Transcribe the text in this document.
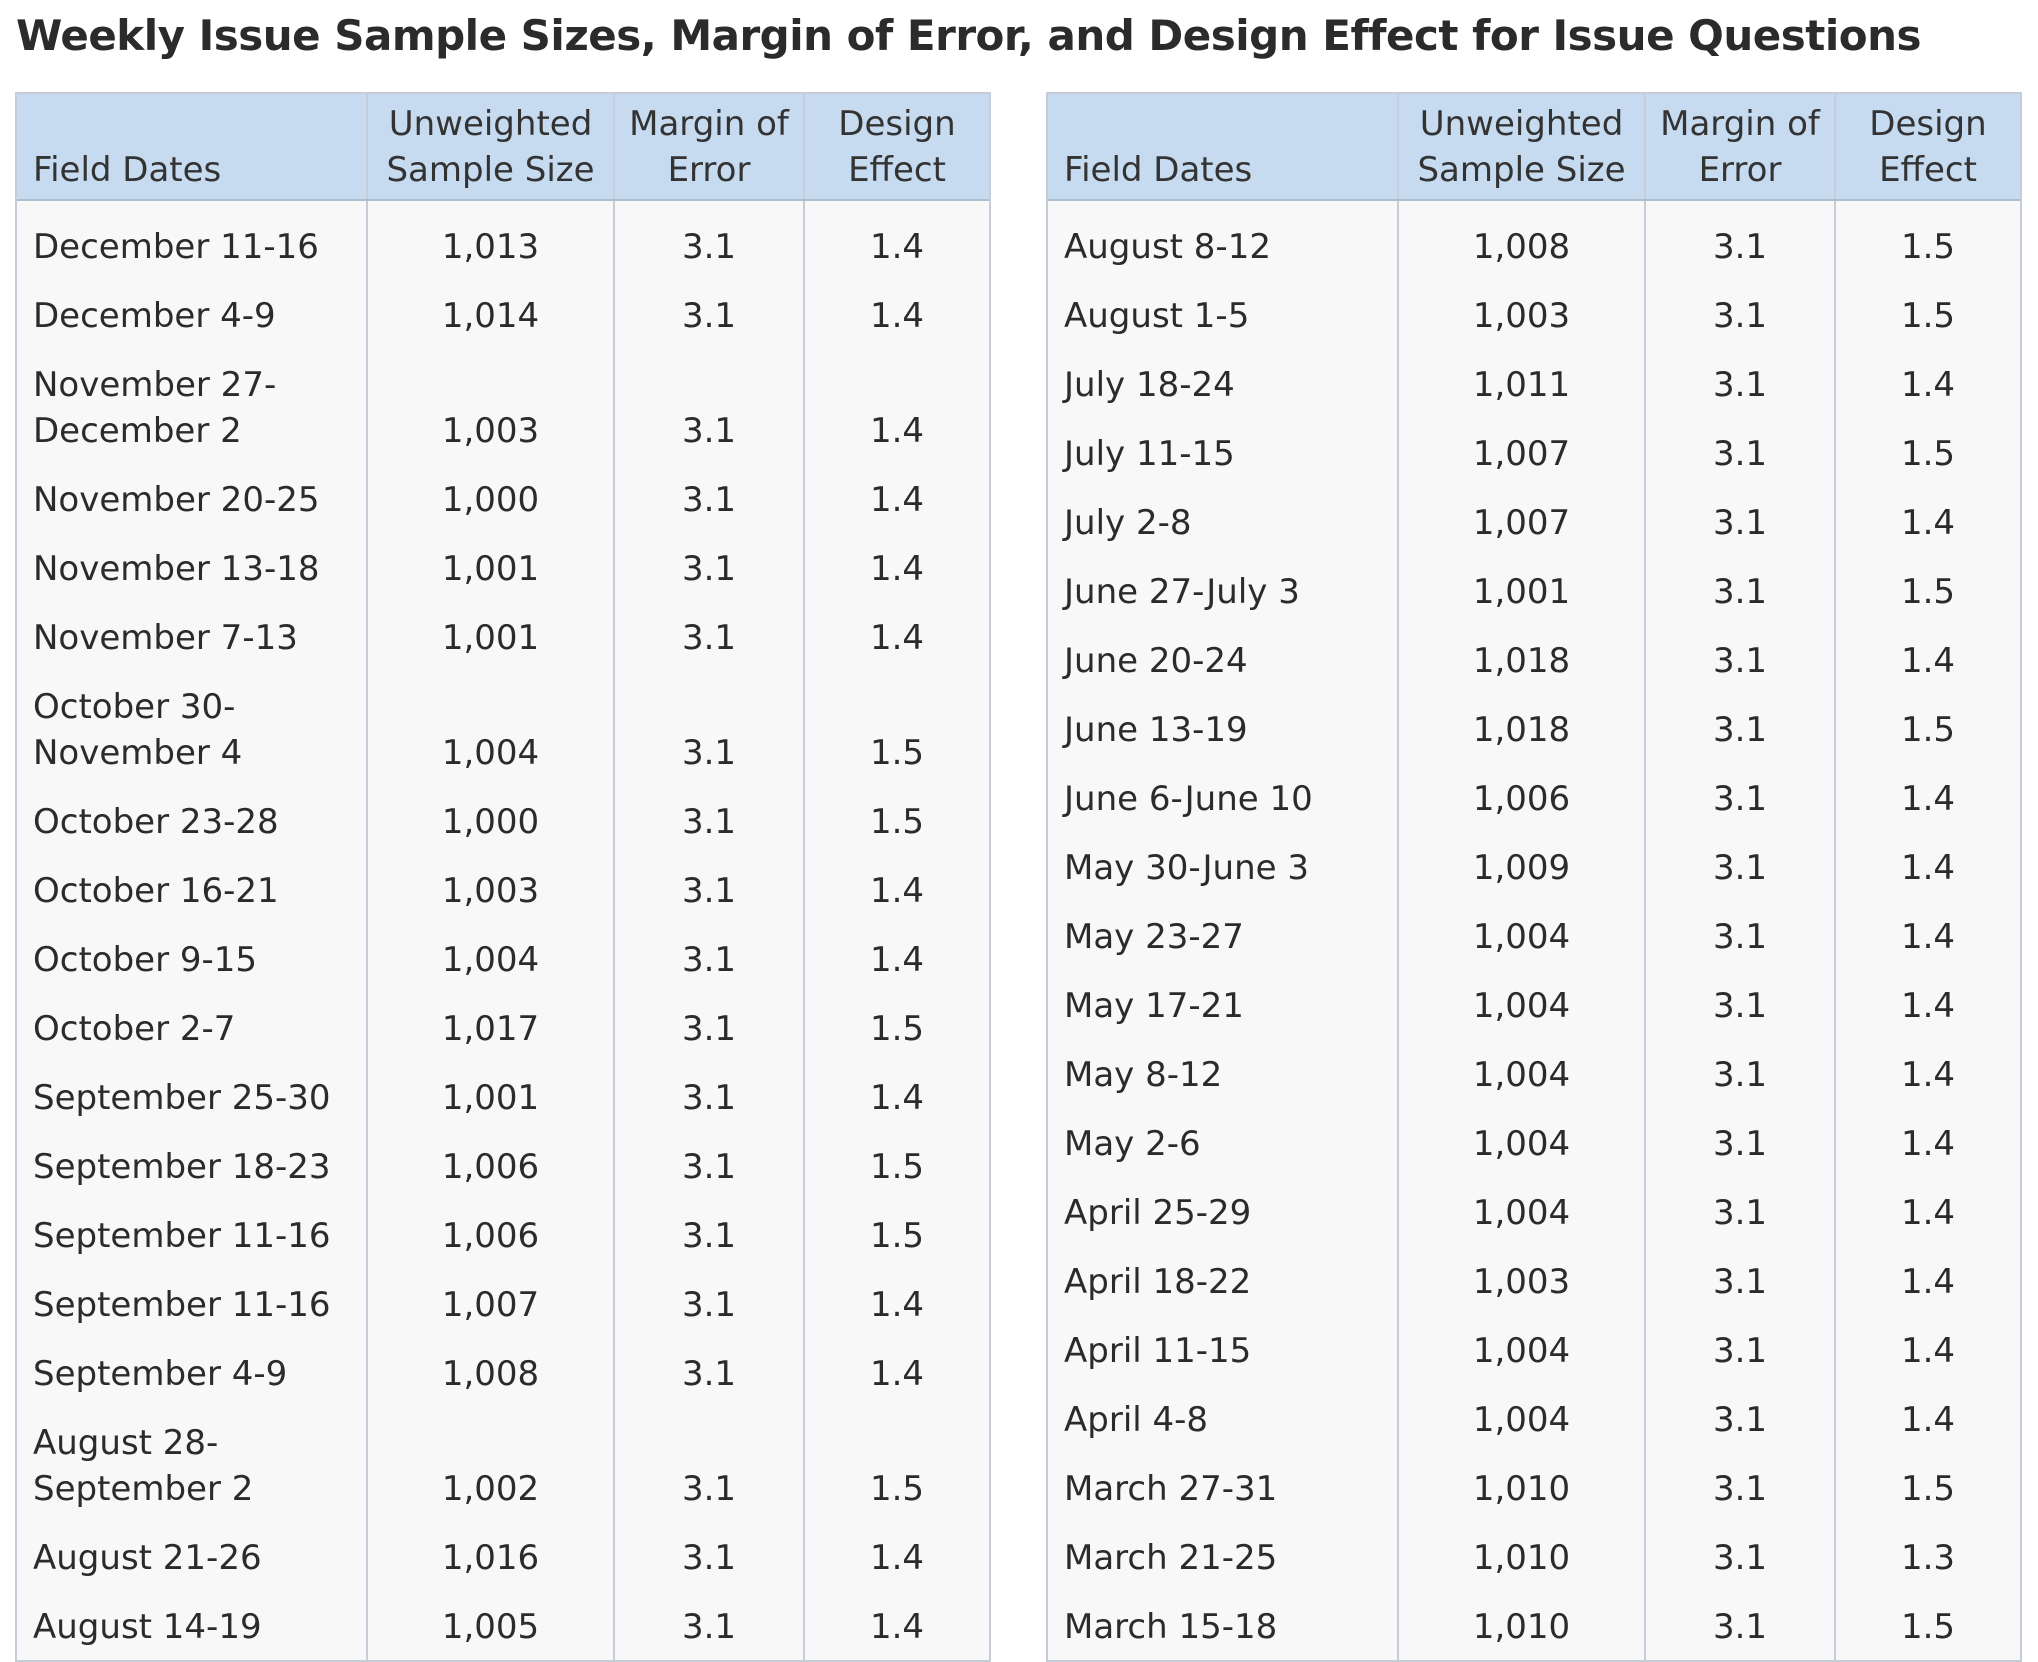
Weekly Issue Sample Sizes, Margin of Error, and Design Effect for Issue Questions
Field Dates	Unweighted Sample Size	Margin of Error	Design Effect
December 11-16	1,013	3.1	1.4
December 4-9	1,014	3.1	1.4
November 27-December 2	1,003	3.1	1.4
November 20-25	1,000	3.1	1.4
November 13-18	1,001	3.1	1.4
November 7-13	1,001	3.1	1.4
October 30-November 4	1,004	3.1	1.5
October 23-28	1,000	3.1	1.5
October 16-21	1,003	3.1	1.4
October 9-15	1,004	3.1	1.4
October 2-7	1,017	3.1	1.5
September 25-30	1,001	3.1	1.4
September 18-23	1,006	3.1	1.5
September 11-16	1,006	3.1	1.5
September 11-16	1,007	3.1	1.4
September 4-9	1,008	3.1	1.4
August 28-September 2	1,002	3.1	1.5
August 21-26	1,016	3.1	1.4
August 14-19	1,005	3.1	1.4
Field Dates	Unweighted Sample Size	Margin of Error	Design Effect
August 8-12	1,008	3.1	1.5
August 1-5	1,003	3.1	1.5
July 18-24	1,011	3.1	1.4
July 11-15	1,007	3.1	1.5
July 2-8	1,007	3.1	1.4
June 27-July 3	1,001	3.1	1.5
June 20-24	1,018	3.1	1.4
June 13-19	1,018	3.1	1.5
June 6-June 10	1,006	3.1	1.4
May 30-June 3	1,009	3.1	1.4
May 23-27	1,004	3.1	1.4
May 17-21	1,004	3.1	1.4
May 8-12	1,004	3.1	1.4
May 2-6	1,004	3.1	1.4
April 25-29	1,004	3.1	1.4
April 18-22	1,003	3.1	1.4
April 11-15	1,004	3.1	1.4
April 4-8	1,004	3.1	1.4
March 27-31	1,010	3.1	1.5
March 21-25	1,010	3.1	1.3
March 15-18	1,010	3.1	1.5
